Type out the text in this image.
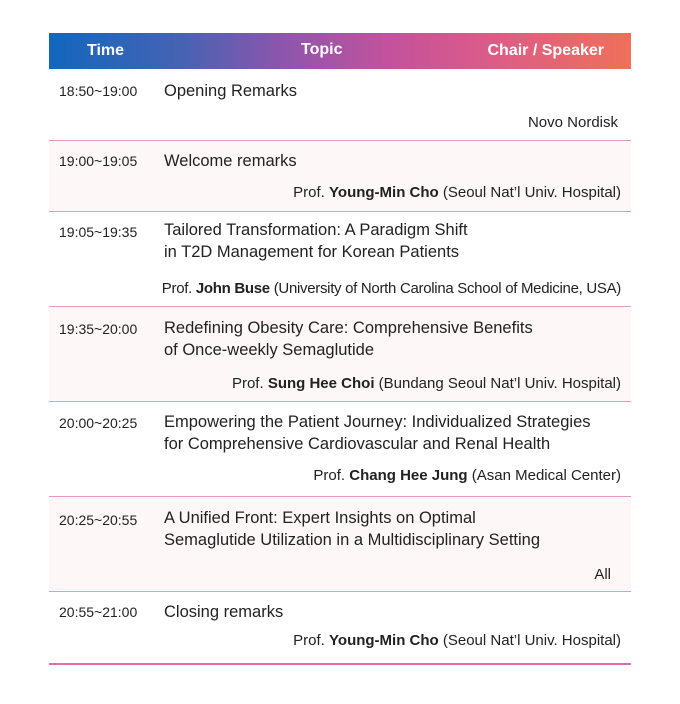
Time	Topic	Chair / Speaker
18:50~19:00 Opening Remarks
Novo Nordisk
19:00~19:05 Welcome remarks
Prof. Young-Min Cho (Seoul Nat’l Univ. Hospital)
19:05~19:35 Tailored Transformation: A Paradigm Shift
in T2D Management for Korean Patients
Prof. John Buse (University of North Carolina School of Medicine, USA)
19:35~20:00 Redefining Obesity Care: Comprehensive Benefits
of Once-weekly Semaglutide
Prof. Sung Hee Choi (Bundang Seoul Nat’l Univ. Hospital)
20:00~20:25 Empowering the Patient Journey: Individualized Strategies
for Comprehensive Cardiovascular and Renal Health
Prof. Chang Hee Jung (Asan Medical Center)
20:25~20:55 A Unified Front: Expert Insights on Optimal
Semaglutide Utilization in a Multidisciplinary Setting
All
20:55~21:00 Closing remarks
Prof. Young-Min Cho (Seoul Nat’l Univ. Hospital)
